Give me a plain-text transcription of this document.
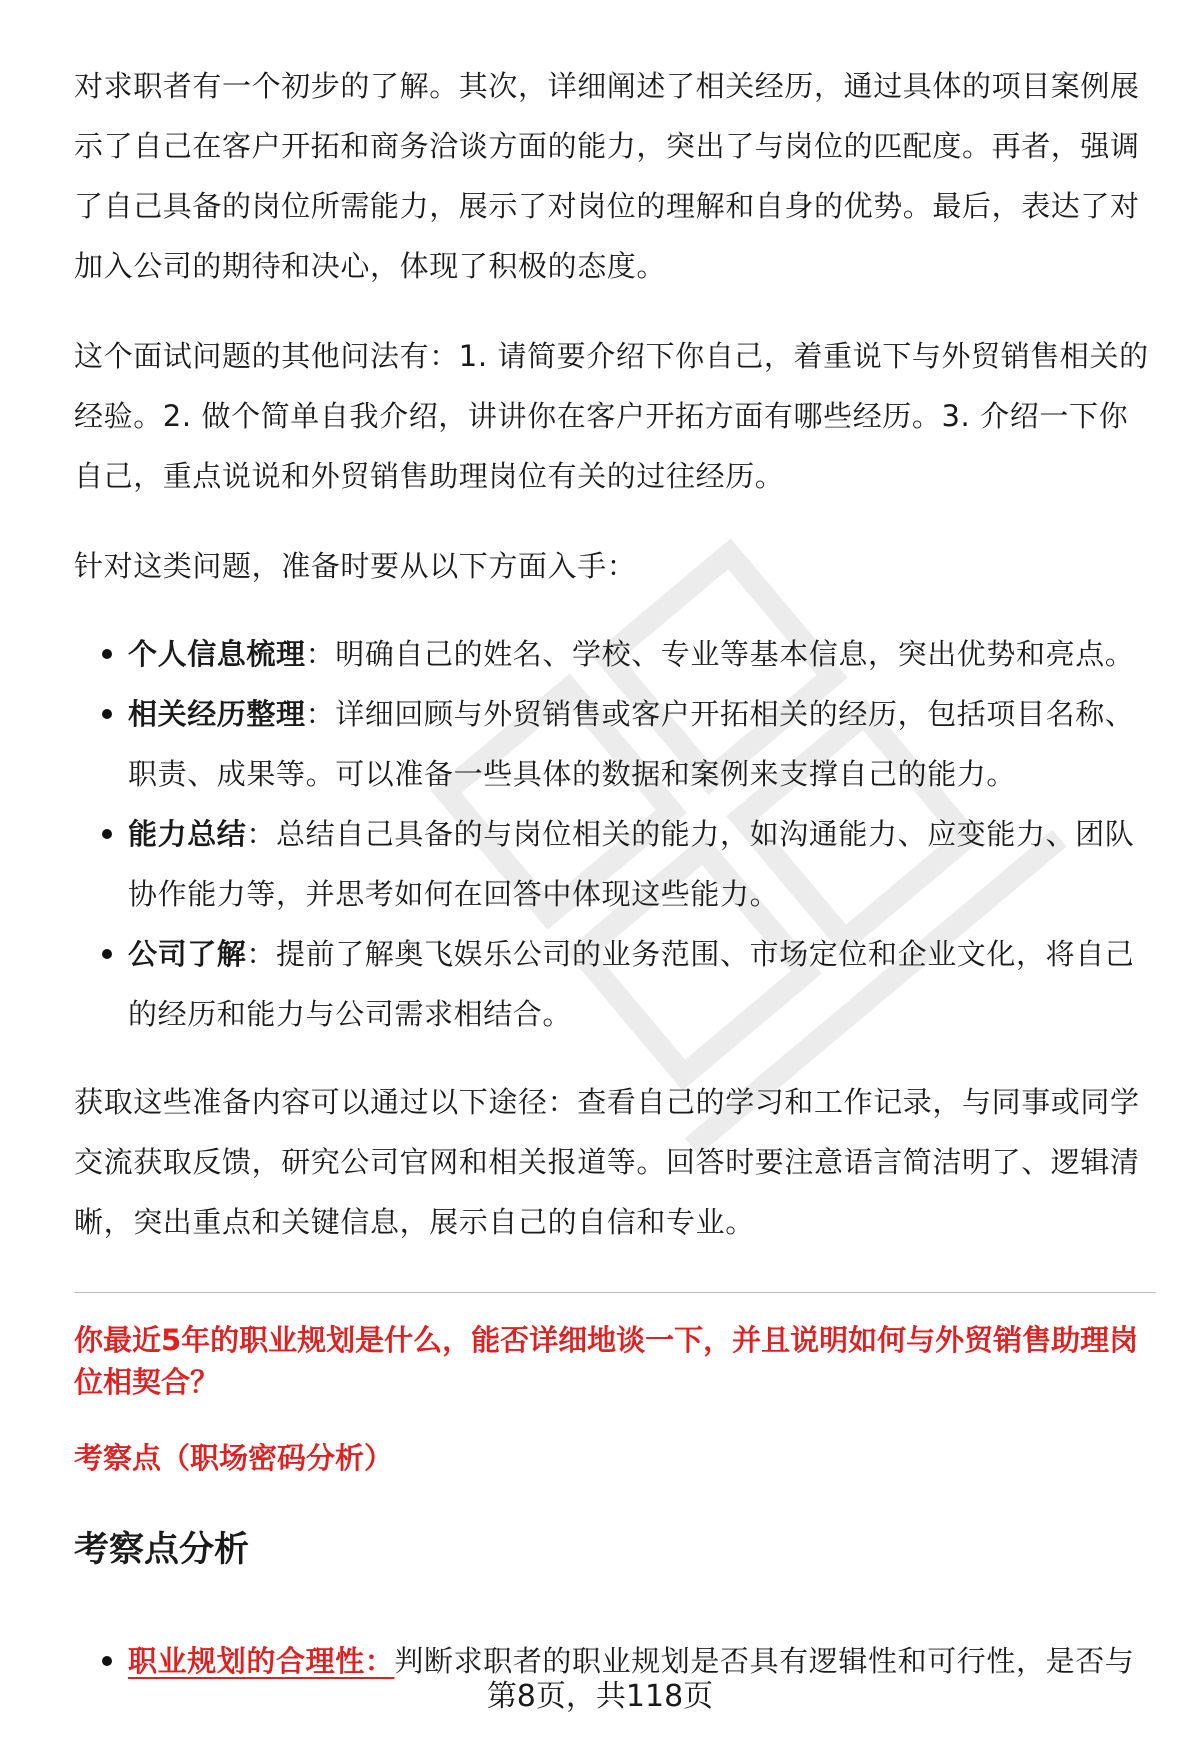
对求职者有一个初步的了解。其次，详细阐述了相关经历，通过具体的项目案例展示了自己在客户开拓和商务洽谈方面的能力，突出了与岗位的匹配度。再者，强调了自己具备的岗位所需能力，展示了对岗位的理解和自身的优势。最后，表达了对加入公司的期待和决心，体现了积极的态度。

这个面试问题的其他问法有：1. 请简要介绍下你自己，着重说下与外贸销售相关的经验。2. 做个简单自我介绍，讲讲你在客户开拓方面有哪些经历。3. 介绍一下你自己，重点说说和外贸销售助理岗位有关的过往经历。

针对这类问题，准备时要从以下方面入手：

个人信息梳理：明确自己的姓名、学校、专业等基本信息，突出优势和亮点。
相关经历整理：详细回顾与外贸销售或客户开拓相关的经历，包括项目名称、职责、成果等。可以准备一些具体的数据和案例来支撑自己的能力。
能力总结：总结自己具备的与岗位相关的能力，如沟通能力、应变能力、团队协作能力等，并思考如何在回答中体现这些能力。
公司了解：提前了解奥飞娱乐公司的业务范围、市场定位和企业文化，将自己的经历和能力与公司需求相结合。

获取这些准备内容可以通过以下途径：查看自己的学习和工作记录，与同事或同学交流获取反馈，研究公司官网和相关报道等。回答时要注意语言简洁明了、逻辑清晰，突出重点和关键信息，展示自己的自信和专业。

你最近5年的职业规划是什么，能否详细地谈一下，并且说明如何与外贸销售助理岗位相契合？

考察点（职场密码分析）

考察点分析
职业规划的合理性：判断求职者的职业规划是否具有逻辑性和可行性，是否与
第8页，共118页
